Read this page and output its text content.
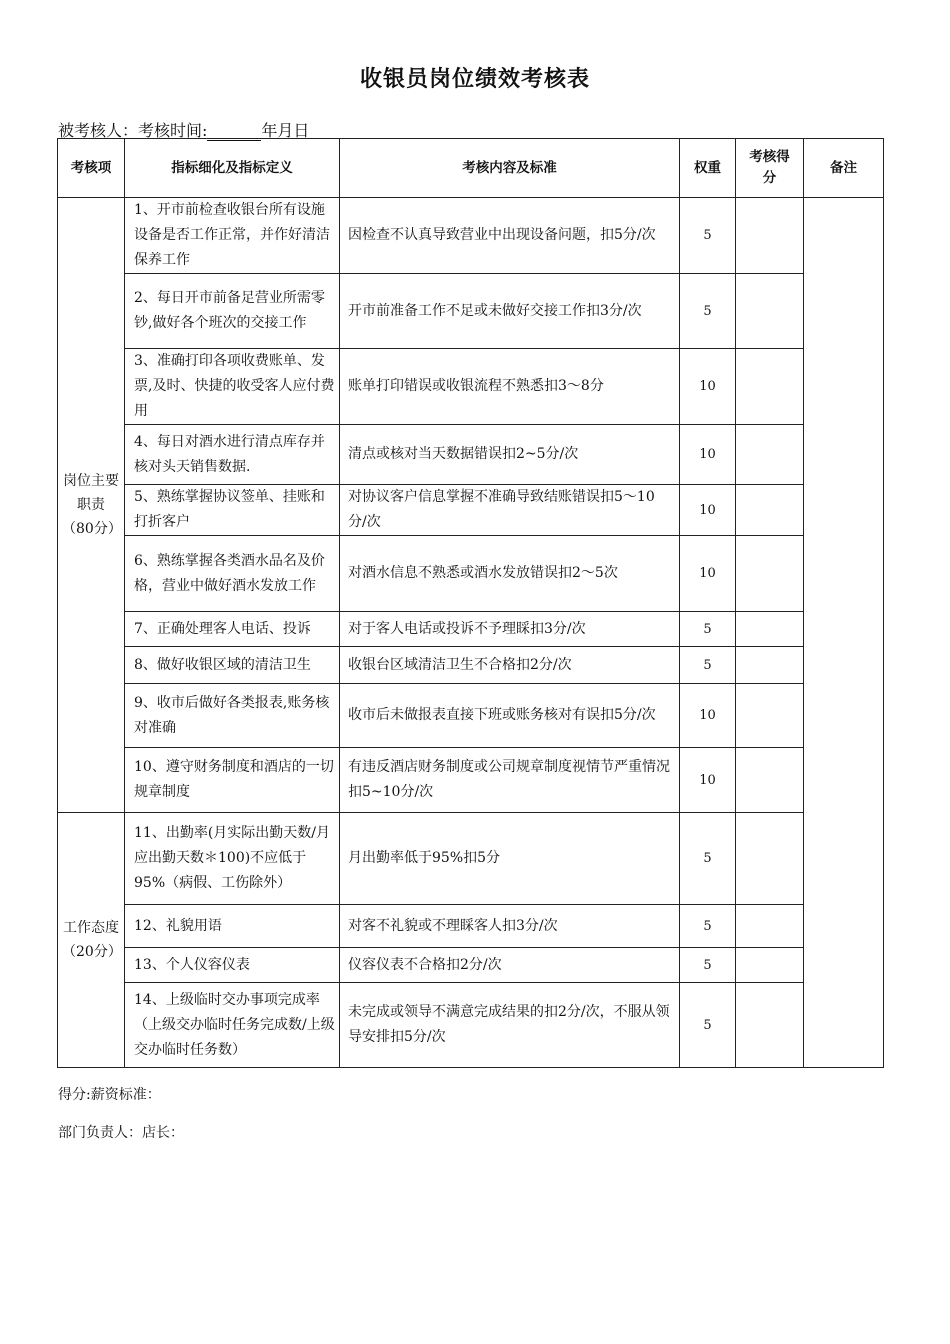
收银员岗位绩效考核表
被考核人：考核时间:	年月日
考核项	指标细化及指标定义	考核内容及标准	权重	考核得分	备注
岗位主要职责（80分）	1、开市前检查收银台所有设施设备是否工作正常，并作好清洁保养工作	因检查不认真导致营业中出现设备问题，扣5分/次	5		
	2、每日开市前备足营业所需零钞,做好各个班次的交接工作	开市前准备工作不足或未做好交接工作扣3分/次	5		
	3、准确打印各项收费账单、发票,及时、快捷的收受客人应付费用	账单打印错误或收银流程不熟悉扣3～8分	10		
	4、每日对酒水进行清点库存并核对头天销售数据.	清点或核对当天数据错误扣2~5分/次	10		
	5、熟练掌握协议签单、挂账和打折客户	对协议客户信息掌握不准确导致结账错误扣5～10分/次	10		
	6、熟练掌握各类酒水品名及价格，营业中做好酒水发放工作	对酒水信息不熟悉或酒水发放错误扣2～5次	10		
	7、正确处理客人电话、投诉	对于客人电话或投诉不予理睬扣3分/次	5		
	8、做好收银区域的清洁卫生	收银台区域清洁卫生不合格扣2分/次	5		
	9、收市后做好各类报表,账务核对准确	收市后未做报表直接下班或账务核对有误扣5分/次	10		
	10、遵守财务制度和酒店的一切规章制度	有违反酒店财务制度或公司规章制度视情节严重情况扣5~10分/次	10		
工作态度（20分）	11、出勤率(月实际出勤天数/月应出勤天数＊100)不应低于95%（病假、工伤除外）	月出勤率低于95%扣5分	5		
	12、礼貌用语	对客不礼貌或不理睬客人扣3分/次	5		
	13、个人仪容仪表	仪容仪表不合格扣2分/次	5		
	14、上级临时交办事项完成率（上级交办临时任务完成数/上级交办临时任务数）	未完成或领导不满意完成结果的扣2分/次，不服从领导安排扣5分/次	5		
得分:薪资标准：
部门负责人：店长：
